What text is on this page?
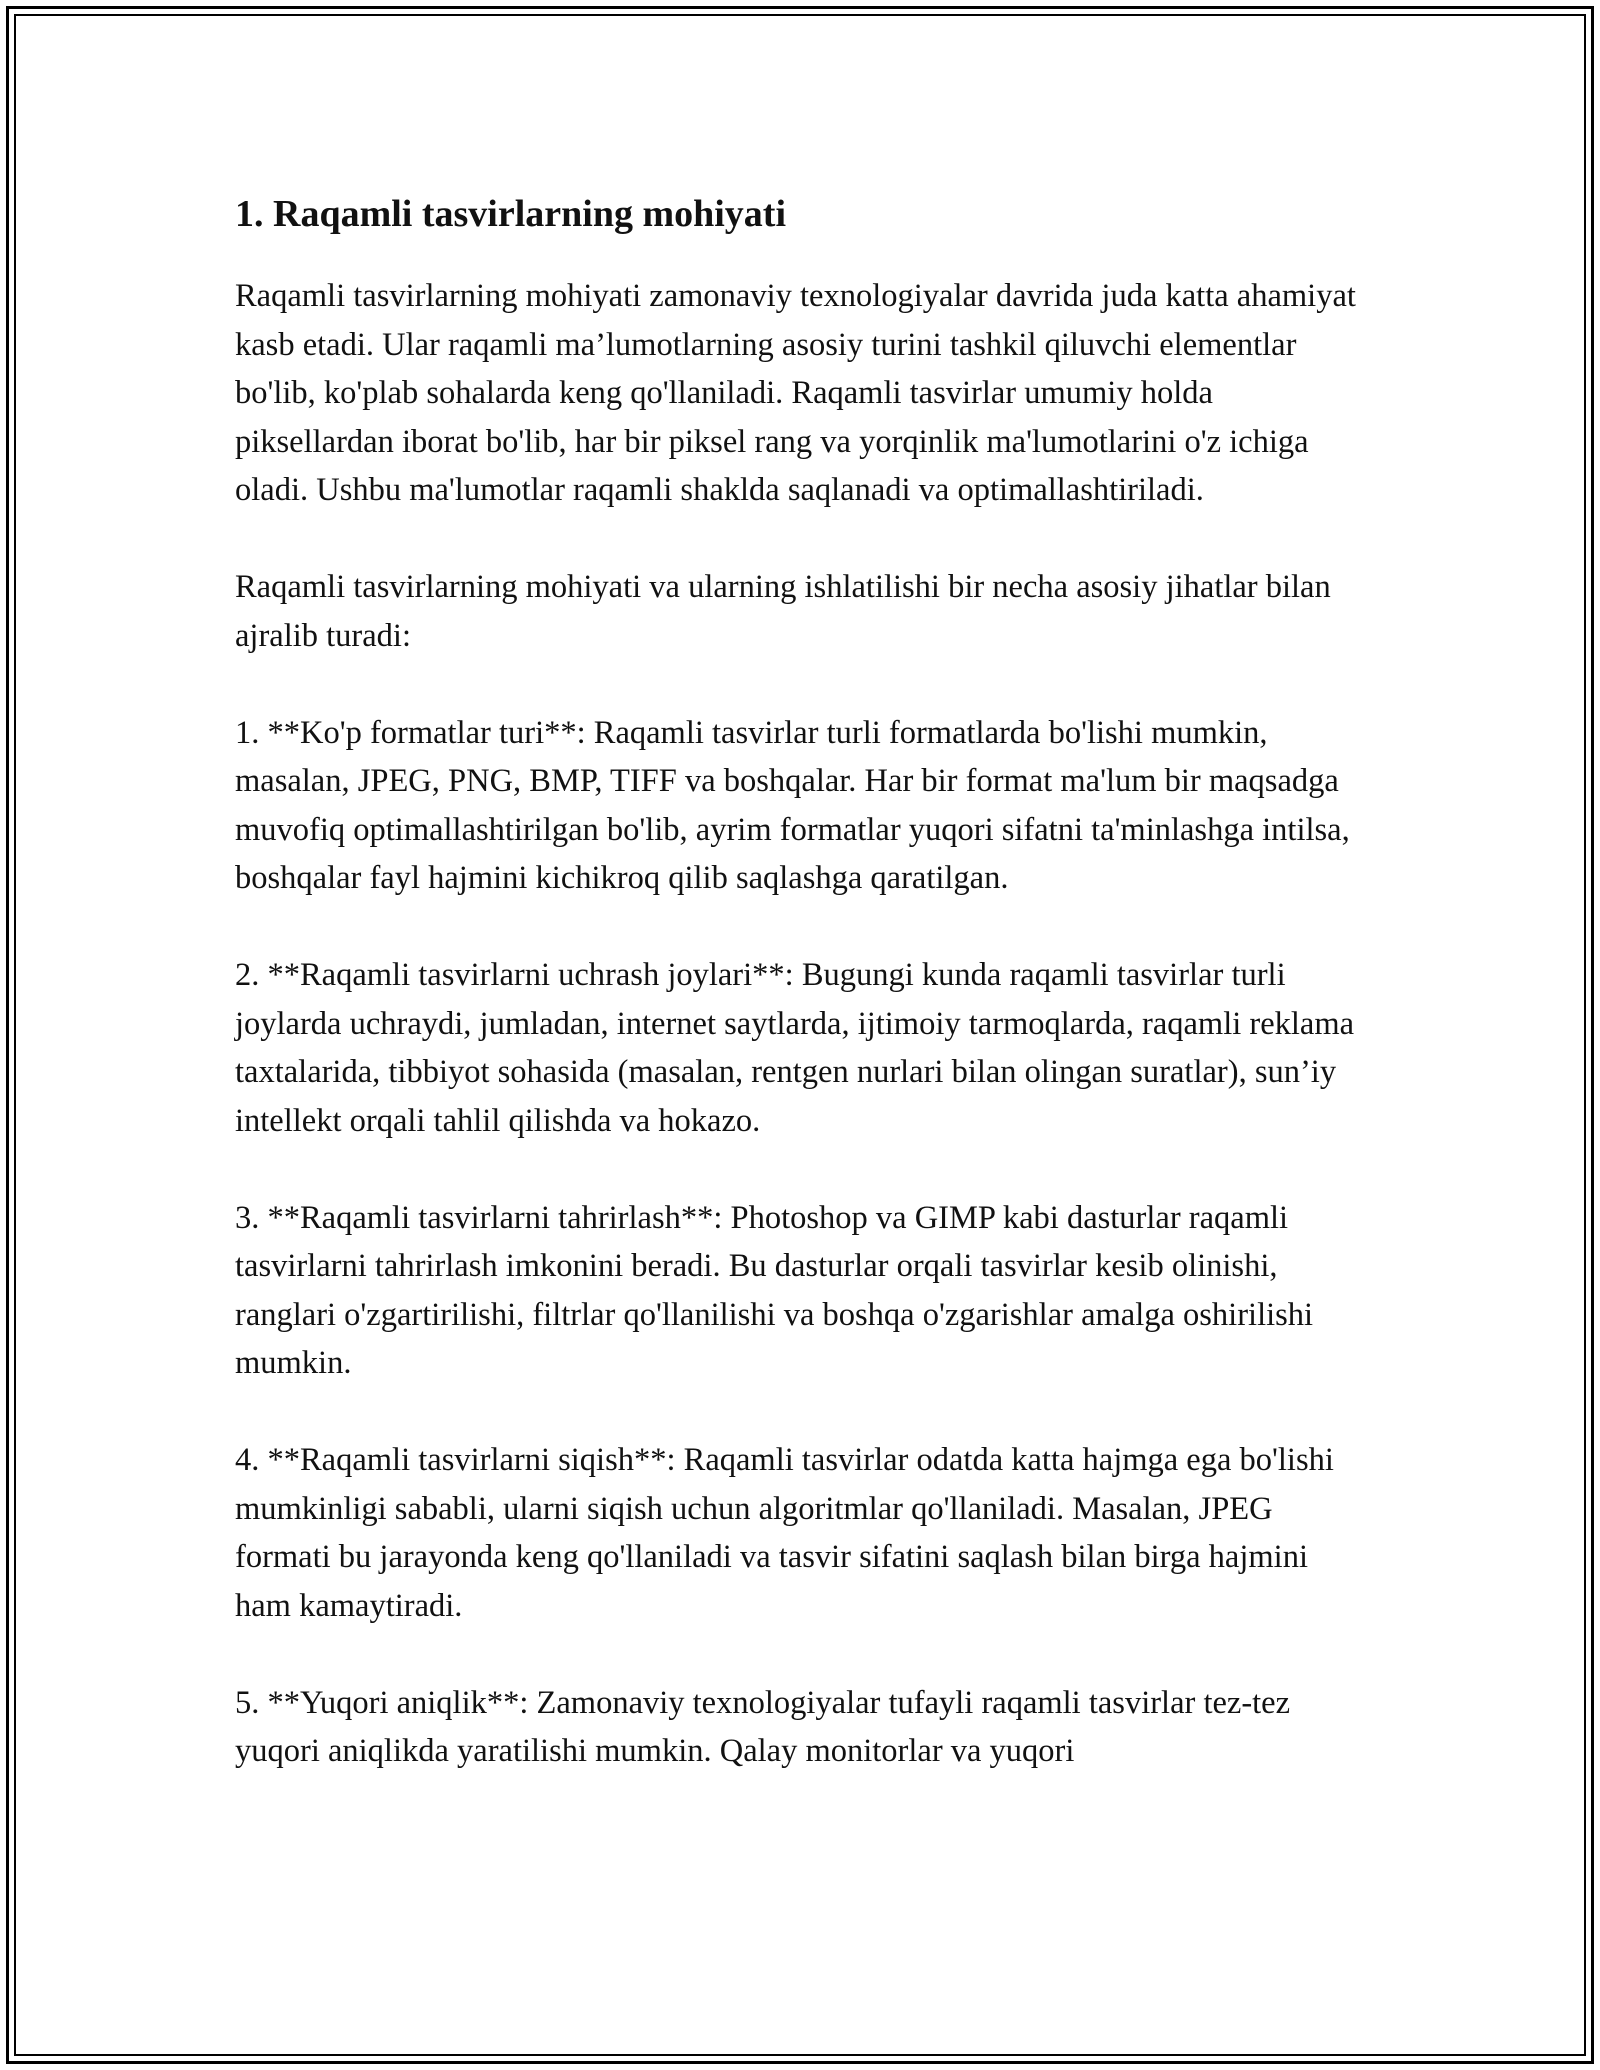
1. Raqamli tasvirlarning mohiyati

Raqamli tasvirlarning mohiyati zamonaviy texnologiyalar davrida juda katta ahamiyat kasb etadi. Ular raqamli ma’lumotlarning asosiy turini tashkil qiluvchi elementlar bo'lib, ko'plab sohalarda keng qo'llaniladi. Raqamli tasvirlar umumiy holda piksellardan iborat bo'lib, har bir piksel rang va yorqinlik ma'lumotlarini o'z ichiga oladi. Ushbu ma'lumotlar raqamli shaklda saqlanadi va optimallashtiriladi.

Raqamli tasvirlarning mohiyati va ularning ishlatilishi bir necha asosiy jihatlar bilan ajralib turadi:

1. **Ko'p formatlar turi**: Raqamli tasvirlar turli formatlarda bo'lishi mumkin, masalan, JPEG, PNG, BMP, TIFF va boshqalar. Har bir format ma'lum bir maqsadga muvofiq optimallashtirilgan bo'lib, ayrim formatlar yuqori sifatni ta'minlashga intilsa, boshqalar fayl hajmini kichikroq qilib saqlashga qaratilgan.

2. **Raqamli tasvirlarni uchrash joylari**: Bugungi kunda raqamli tasvirlar turli joylarda uchraydi, jumladan, internet saytlarda, ijtimoiy tarmoqlarda, raqamli reklama taxtalarida, tibbiyot sohasida (masalan, rentgen nurlari bilan olingan suratlar), sun’iy intellekt orqali tahlil qilishda va hokazo.

3. **Raqamli tasvirlarni tahrirlash**: Photoshop va GIMP kabi dasturlar raqamli tasvirlarni tahrirlash imkonini beradi. Bu dasturlar orqali tasvirlar kesib olinishi, ranglari o'zgartirilishi, filtrlar qo'llanilishi va boshqa o'zgarishlar amalga oshirilishi mumkin.

4. **Raqamli tasvirlarni siqish**: Raqamli tasvirlar odatda katta hajmga ega bo'lishi mumkinligi sababli, ularni siqish uchun algoritmlar qo'llaniladi. Masalan, JPEG formati bu jarayonda keng qo'llaniladi va tasvir sifatini saqlash bilan birga hajmini ham kamaytiradi.

5. **Yuqori aniqlik**: Zamonaviy texnologiyalar tufayli raqamli tasvirlar tez-tez yuqori aniqlikda yaratilishi mumkin. Qalay monitorlar va yuqori
